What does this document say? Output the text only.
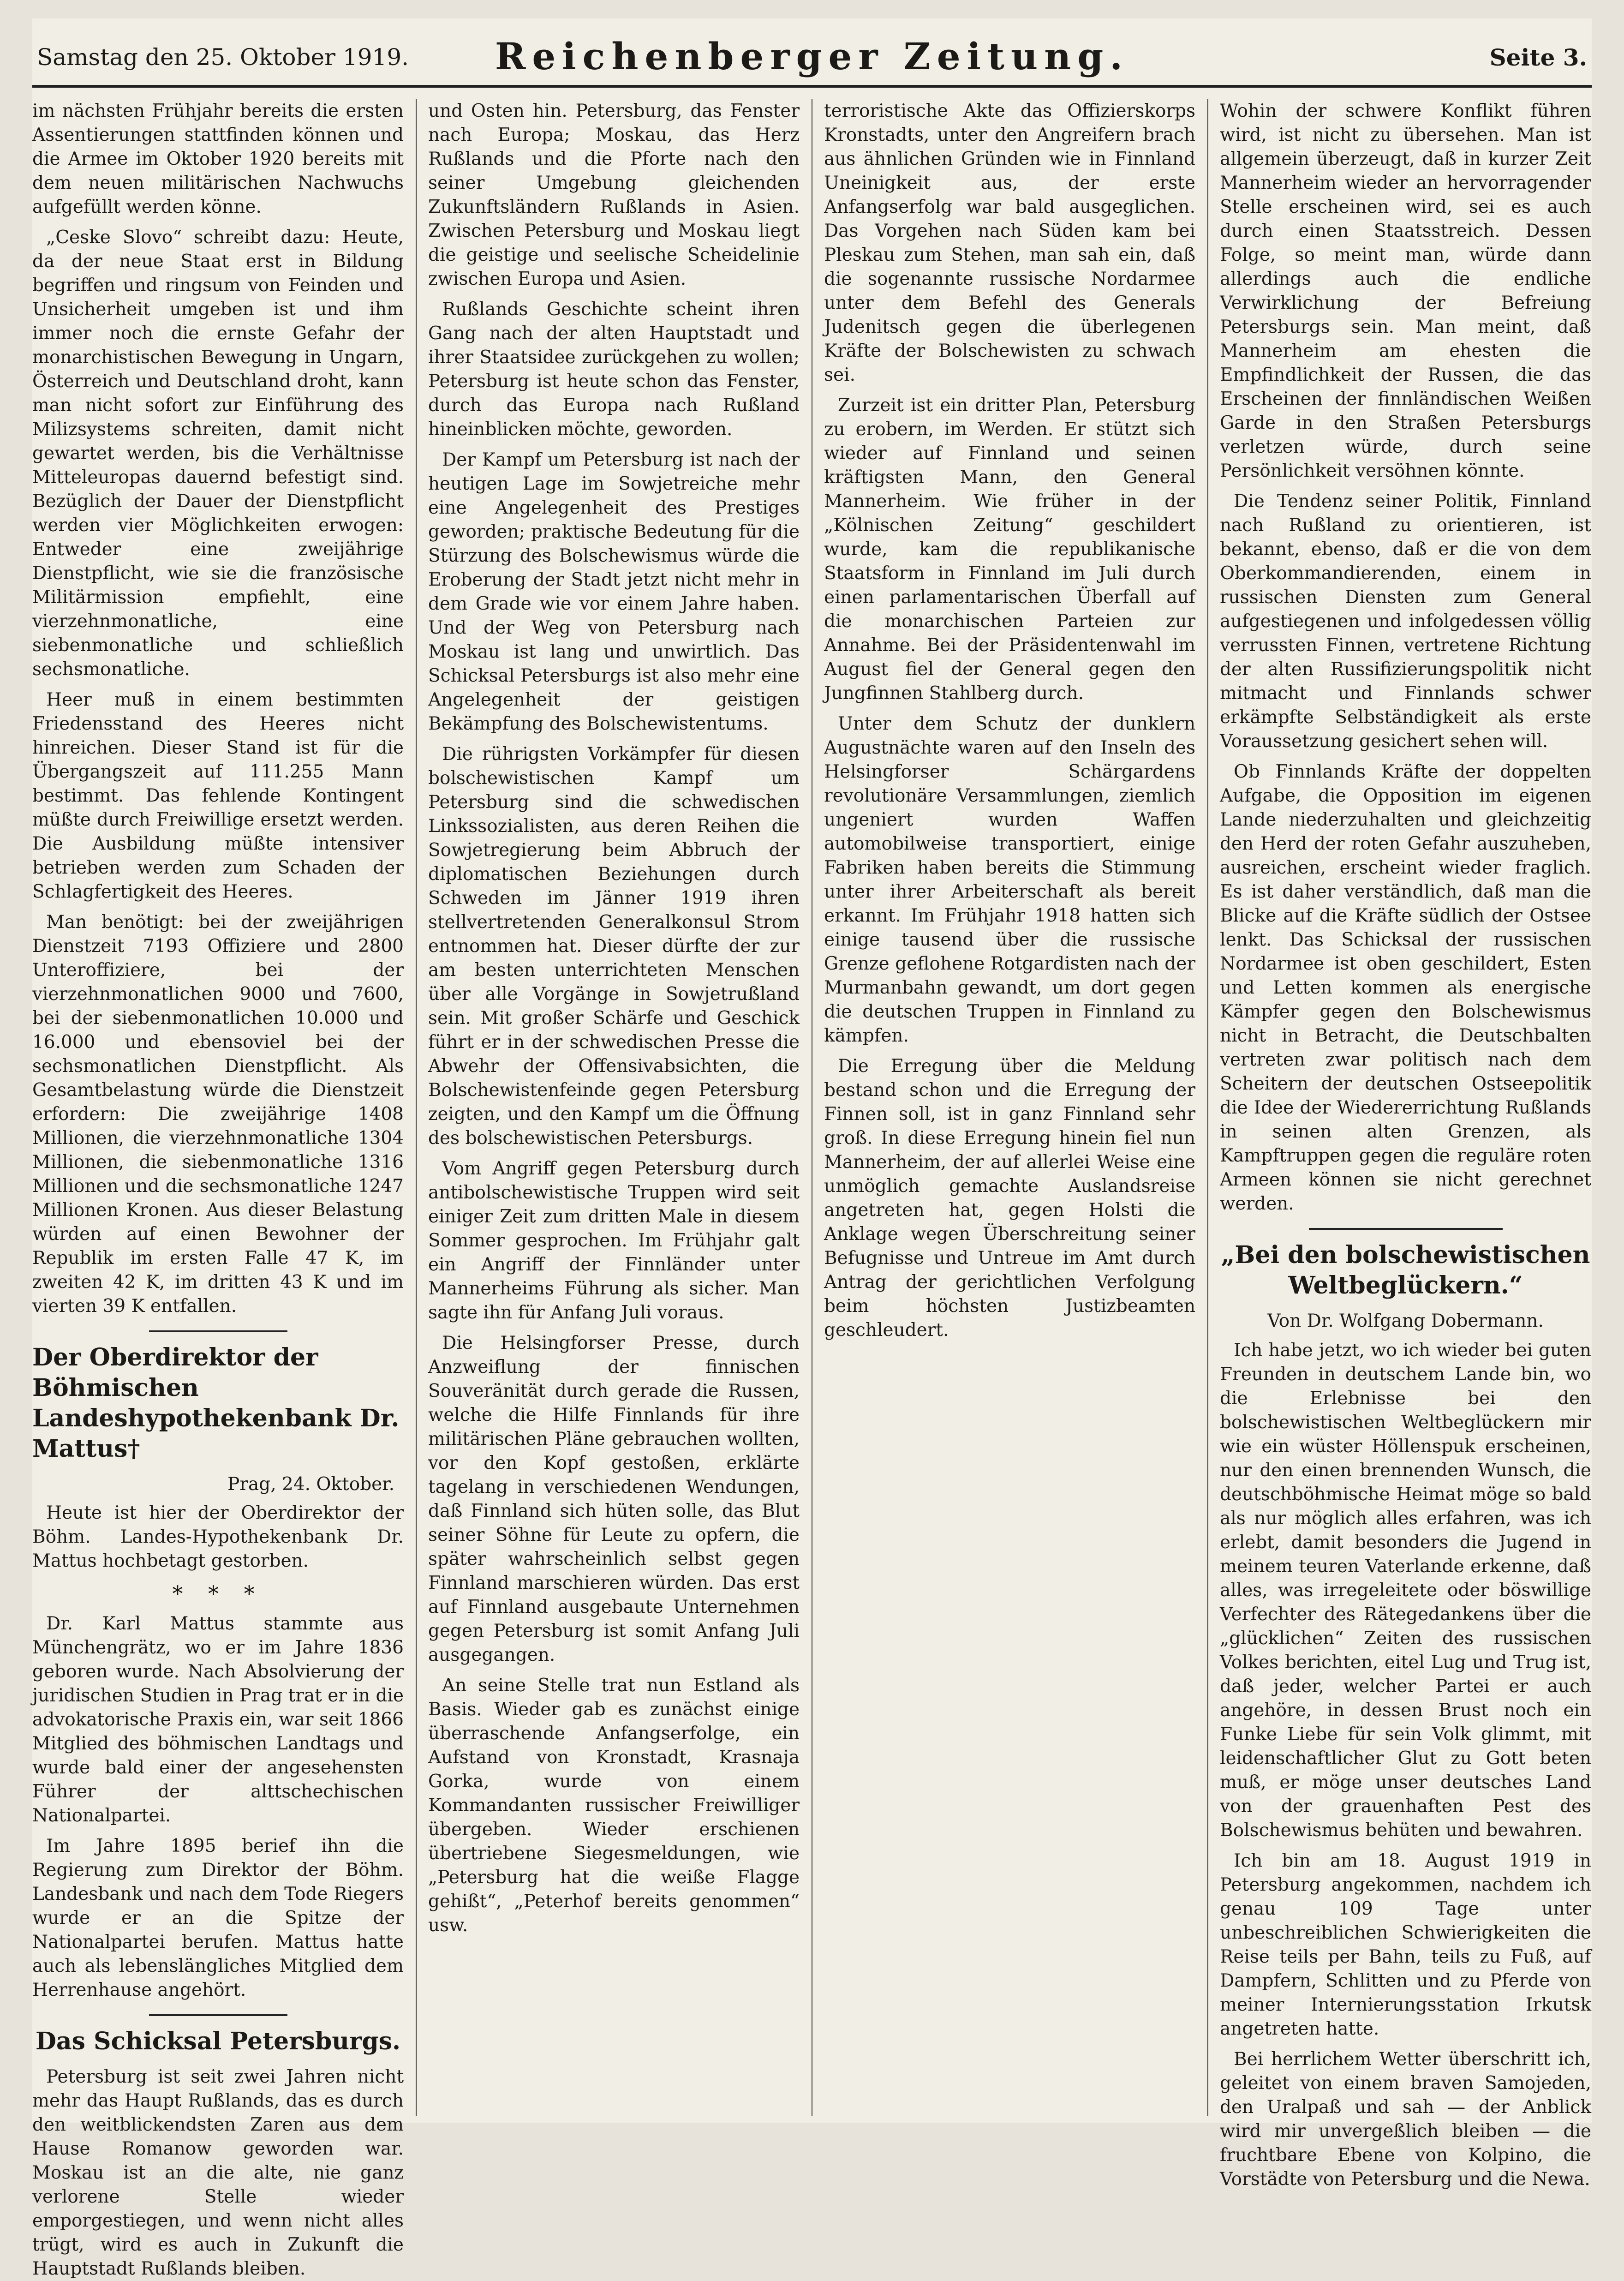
Samstag den 25. Oktober 1919.	Reichenberger Zeitung.	Seite 3.

im nächsten Frühjahr bereits die ersten Assentierungen stattfinden können und die Armee im Oktober 1920 bereits mit dem neuen militärischen Nachwuchs aufgefüllt werden könne.

„Ceske Slovo“ schreibt dazu: Heute, da der neue Staat erst in Bildung begriffen und ringsum von Feinden und Unsicherheit umgeben ist und ihm immer noch die ernste Gefahr der monarchistischen Bewegung in Ungarn, Österreich und Deutschland droht, kann man nicht sofort zur Einführung des Milizsystems schreiten, damit nicht gewartet werden, bis die Verhältnisse Mitteleuropas dauernd befestigt sind. Bezüglich der Dauer der Dienstpflicht werden vier Möglichkeiten erwogen: Entweder eine zweijährige Dienstpflicht, wie sie die französische Militärmission empfiehlt, eine vierzehnmonatliche, eine siebenmonatliche und schließlich sechsmonatliche.

Heer muß in einem bestimmten Friedensstand des Heeres nicht hinreichen. Dieser Stand ist für die Übergangszeit auf 111.255 Mann bestimmt. Das fehlende Kontingent müßte durch Freiwillige ersetzt werden. Die Ausbildung müßte intensiver betrieben werden zum Schaden der Schlagfertigkeit des Heeres.

Man benötigt: bei der zweijährigen Dienstzeit 7193 Offiziere und 2800 Unteroffiziere, bei der vierzehnmonatlichen 9000 und 7600, bei der siebenmonatlichen 10.000 und 16.000 und ebensoviel bei der sechsmonatlichen Dienstpflicht. Als Gesamtbelastung würde die Dienstzeit erfordern: Die zweijährige 1408 Millionen, die vierzehnmonatliche 1304 Millionen, die siebenmonatliche 1316 Millionen und die sechsmonatliche 1247 Millionen Kronen. Aus dieser Belastung würden auf einen Bewohner der Republik im ersten Falle 47 K, im zweiten 42 K, im dritten 43 K und im vierten 39 K entfallen.

Der Oberdirektor der Böhmischen Landeshypothekenbank Dr. Mattus†
Prag, 24. Oktober.

Heute ist hier der Oberdirektor der Böhm. Landes-Hypothekenbank Dr. Mattus hochbetagt gestorben.

* * *

Dr. Karl Mattus stammte aus Münchengrätz, wo er im Jahre 1836 geboren wurde. Nach Absolvierung der juridischen Studien in Prag trat er in die advokatorische Praxis ein, war seit 1866 Mitglied des böhmischen Landtags und wurde bald einer der angesehensten Führer der alttschechischen Nationalpartei.

Im Jahre 1895 berief ihn die Regierung zum Direktor der Böhm. Landesbank und nach dem Tode Riegers wurde er an die Spitze der Nationalpartei berufen. Mattus hatte auch als lebenslängliches Mitglied dem Herrenhause angehört.

Das Schicksal Petersburgs.

Petersburg ist seit zwei Jahren nicht mehr das Haupt Rußlands, das es durch den weitblickendsten Zaren aus dem Hause Romanow geworden war. Moskau ist an die alte, nie ganz verlorene Stelle wieder emporgestiegen, und wenn nicht alles trügt, wird es auch in Zukunft die Hauptstadt Rußlands bleiben.

und Osten hin. Petersburg, das Fenster nach Europa; Moskau, das Herz Rußlands und die Pforte nach den seiner Umgebung gleichenden Zukunftsländern Rußlands in Asien. Zwischen Petersburg und Moskau liegt die geistige und seelische Scheidelinie zwischen Europa und Asien.

Rußlands Geschichte scheint ihren Gang nach der alten Hauptstadt und ihrer Staatsidee zurückgehen zu wollen; Petersburg ist heute schon das Fenster, durch das Europa nach Rußland hineinblicken möchte, geworden.

Der Kampf um Petersburg ist nach der heutigen Lage im Sowjetreiche mehr eine Angelegenheit des Prestiges geworden; praktische Bedeutung für die Stürzung des Bolschewismus würde die Eroberung der Stadt jetzt nicht mehr in dem Grade wie vor einem Jahre haben. Und der Weg von Petersburg nach Moskau ist lang und unwirtlich. Das Schicksal Petersburgs ist also mehr eine Angelegenheit der geistigen Bekämpfung des Bolschewistentums.

Die rührigsten Vorkämpfer für diesen bolschewistischen Kampf um Petersburg sind die schwedischen Linkssozialisten, aus deren Reihen die Sowjetregierung beim Abbruch der diplomatischen Beziehungen durch Schweden im Jänner 1919 ihren stellvertretenden Generalkonsul Strom entnommen hat. Dieser dürfte der zur am besten unterrichteten Menschen über alle Vorgänge in Sowjetrußland sein. Mit großer Schärfe und Geschick führt er in der schwedischen Presse die Abwehr der Offensivabsichten, die Bolschewistenfeinde gegen Petersburg zeigten, und den Kampf um die Öffnung des bolschewistischen Petersburgs.

Vom Angriff gegen Petersburg durch antibolschewistische Truppen wird seit einiger Zeit zum dritten Male in diesem Sommer gesprochen. Im Frühjahr galt ein Angriff der Finnländer unter Mannerheims Führung als sicher. Man sagte ihn für Anfang Juli voraus.

Die Helsingforser Presse, durch Anzweiflung der finnischen Souveränität durch gerade die Russen, welche die Hilfe Finnlands für ihre militärischen Pläne gebrauchen wollten, vor den Kopf gestoßen, erklärte tagelang in verschiedenen Wendungen, daß Finnland sich hüten solle, das Blut seiner Söhne für Leute zu opfern, die später wahrscheinlich selbst gegen Finnland marschieren würden. Das erst auf Finnland ausgebaute Unternehmen gegen Petersburg ist somit Anfang Juli ausgegangen.

An seine Stelle trat nun Estland als Basis. Wieder gab es zunächst einige überraschende Anfangserfolge, ein Aufstand von Kronstadt, Krasnaja Gorka, wurde von einem Kommandanten russischer Freiwilliger übergeben. Wieder erschienen übertriebene Siegesmeldungen, wie „Petersburg hat die weiße Flagge gehißt“, „Peterhof bereits genommen“ usw.

terroristische Akte das Offizierskorps Kronstadts, unter den Angreifern brach aus ähnlichen Gründen wie in Finnland Uneinigkeit aus, der erste Anfangserfolg war bald ausgeglichen. Das Vorgehen nach Süden kam bei Pleskau zum Stehen, man sah ein, daß die sogenannte russische Nordarmee unter dem Befehl des Generals Judenitsch gegen die überlegenen Kräfte der Bolschewisten zu schwach sei.

Zurzeit ist ein dritter Plan, Petersburg zu erobern, im Werden. Er stützt sich wieder auf Finnland und seinen kräftigsten Mann, den General Mannerheim. Wie früher in der „Kölnischen Zeitung“ geschildert wurde, kam die republikanische Staatsform in Finnland im Juli durch einen parlamentarischen Überfall auf die monarchischen Parteien zur Annahme. Bei der Präsidentenwahl im August fiel der General gegen den Jungfinnen Stahlberg durch.

Unter dem Schutz der dunklern Augustnächte waren auf den Inseln des Helsingforser Schärgardens revolutionäre Versammlungen, ziemlich ungeniert wurden Waffen automobilweise transportiert, einige Fabriken haben bereits die Stimmung unter ihrer Arbeiterschaft als bereit erkannt. Im Frühjahr 1918 hatten sich einige tausend über die russische Grenze geflohene Rotgardisten nach der Murmanbahn gewandt, um dort gegen die deutschen Truppen in Finnland zu kämpfen.

Die Erregung über die Meldung bestand schon und die Erregung der Finnen soll, ist in ganz Finnland sehr groß. In diese Erregung hinein fiel nun Mannerheim, der auf allerlei Weise eine unmöglich gemachte Auslandsreise angetreten hat, gegen Holsti die Anklage wegen Überschreitung seiner Befugnisse und Untreue im Amt durch Antrag der gerichtlichen Verfolgung beim höchsten Justizbeamten geschleudert.

Wohin der schwere Konflikt führen wird, ist nicht zu übersehen. Man ist allgemein überzeugt, daß in kurzer Zeit Mannerheim wieder an hervorragender Stelle erscheinen wird, sei es auch durch einen Staatsstreich. Dessen Folge, so meint man, würde dann allerdings auch die endliche Verwirklichung der Befreiung Petersburgs sein. Man meint, daß Mannerheim am ehesten die Empfindlichkeit der Russen, die das Erscheinen der finnländischen Weißen Garde in den Straßen Petersburgs verletzen würde, durch seine Persönlichkeit versöhnen könnte.

Die Tendenz seiner Politik, Finnland nach Rußland zu orientieren, ist bekannt, ebenso, daß er die von dem Oberkommandierenden, einem in russischen Diensten zum General aufgestiegenen und infolgedessen völlig verrussten Finnen, vertretene Richtung der alten Russifizierungspolitik nicht mitmacht und Finnlands schwer erkämpfte Selbständigkeit als erste Voraussetzung gesichert sehen will.

Ob Finnlands Kräfte der doppelten Aufgabe, die Opposition im eigenen Lande niederzuhalten und gleichzeitig den Herd der roten Gefahr auszuheben, ausreichen, erscheint wieder fraglich. Es ist daher verständlich, daß man die Blicke auf die Kräfte südlich der Ostsee lenkt. Das Schicksal der russischen Nordarmee ist oben geschildert, Esten und Letten kommen als energische Kämpfer gegen den Bolschewismus nicht in Betracht, die Deutschbalten vertreten zwar politisch nach dem Scheitern der deutschen Ostseepolitik die Idee der Wiedererrichtung Rußlands in seinen alten Grenzen, als Kampftruppen gegen die reguläre roten Armeen können sie nicht gerechnet werden.

„Bei den bolschewistischen Weltbeglückern.“
Von Dr. Wolfgang Dobermann.

Ich habe jetzt, wo ich wieder bei guten Freunden in deutschem Lande bin, wo die Erlebnisse bei den bolschewistischen Weltbeglückern mir wie ein wüster Höllenspuk erscheinen, nur den einen brennenden Wunsch, die deutschböhmische Heimat möge so bald als nur möglich alles erfahren, was ich erlebt, damit besonders die Jugend in meinem teuren Vaterlande erkenne, daß alles, was irregeleitete oder böswillige Verfechter des Rätegedankens über die „glücklichen“ Zeiten des russischen Volkes berichten, eitel Lug und Trug ist, daß jeder, welcher Partei er auch angehöre, in dessen Brust noch ein Funke Liebe für sein Volk glimmt, mit leidenschaftlicher Glut zu Gott beten muß, er möge unser deutsches Land von der grauenhaften Pest des Bolschewismus behüten und bewahren.

Ich bin am 18. August 1919 in Petersburg angekommen, nachdem ich genau 109 Tage unter unbeschreiblichen Schwierigkeiten die Reise teils per Bahn, teils zu Fuß, auf Dampfern, Schlitten und zu Pferde von meiner Internierungsstation Irkutsk angetreten hatte.

Bei herrlichem Wetter überschritt ich, geleitet von einem braven Samojeden, den Uralpaß und sah — der Anblick wird mir unvergeßlich bleiben — die fruchtbare Ebene von Kolpino, die Vorstädte von Petersburg und die Newa.
